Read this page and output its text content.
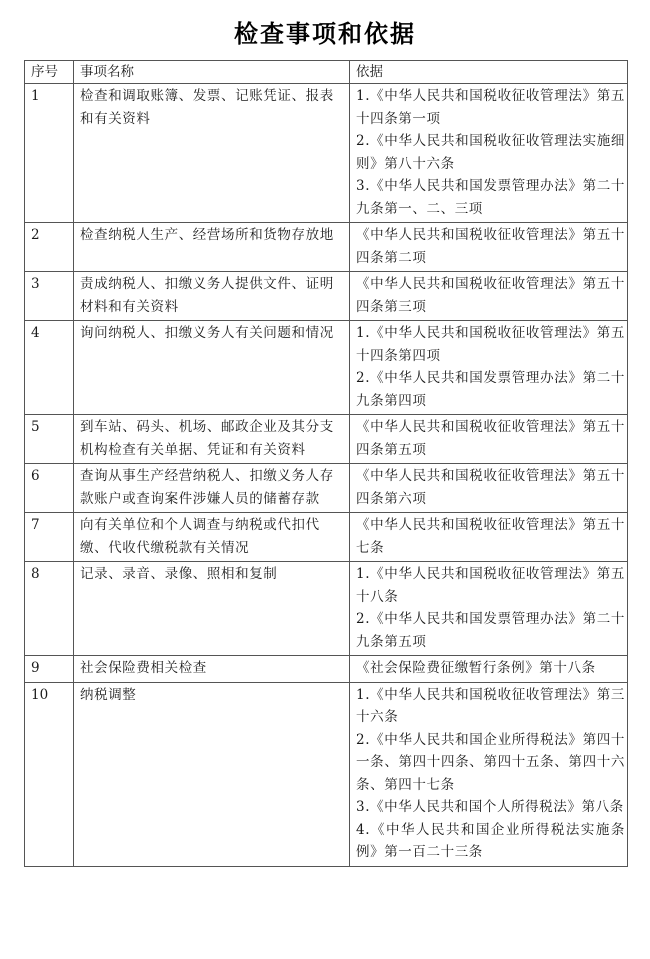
检查事项和依据
序号	事项名称	依据
1	检查和调取账簿、发票、记账凭证、报表和有关资料	1.《中华人民共和国税收征收管理法》第五十四条第一项
2.《中华人民共和国税收征收管理法实施细则》第八十六条
3.《中华人民共和国发票管理办法》第二十九条第一、二、三项

2	检查纳税人生产、经营场所和货物存放地	《中华人民共和国税收征收管理法》第五十四条第二项

3	责成纳税人、扣缴义务人提供文件、证明材料和有关资料	《中华人民共和国税收征收管理法》第五十四条第三项

4	询问纳税人、扣缴义务人有关问题和情况	1.《中华人民共和国税收征收管理法》第五十四条第四项
2.《中华人民共和国发票管理办法》第二十九条第四项

5	到车站、码头、机场、邮政企业及其分支机构检查有关单据、凭证和有关资料	《中华人民共和国税收征收管理法》第五十四条第五项

6	查询从事生产经营纳税人、扣缴义务人存款账户或查询案件涉嫌人员的储蓄存款	《中华人民共和国税收征收管理法》第五十四条第六项

7	向有关单位和个人调查与纳税或代扣代缴、代收代缴税款有关情况	《中华人民共和国税收征收管理法》第五十七条

8	记录、录音、录像、照相和复制	1.《中华人民共和国税收征收管理法》第五十八条
2.《中华人民共和国发票管理办法》第二十九条第五项

9	社会保险费相关检查	《社会保险费征缴暂行条例》第十八条

10	纳税调整	1.《中华人民共和国税收征收管理法》第三十六条
2.《中华人民共和国企业所得税法》第四十一条、第四十四条、第四十五条、第四十六条、第四十七条
3.《中华人民共和国个人所得税法》第八条
4.《中华人民共和国企业所得税法实施条例》第一百二十三条
